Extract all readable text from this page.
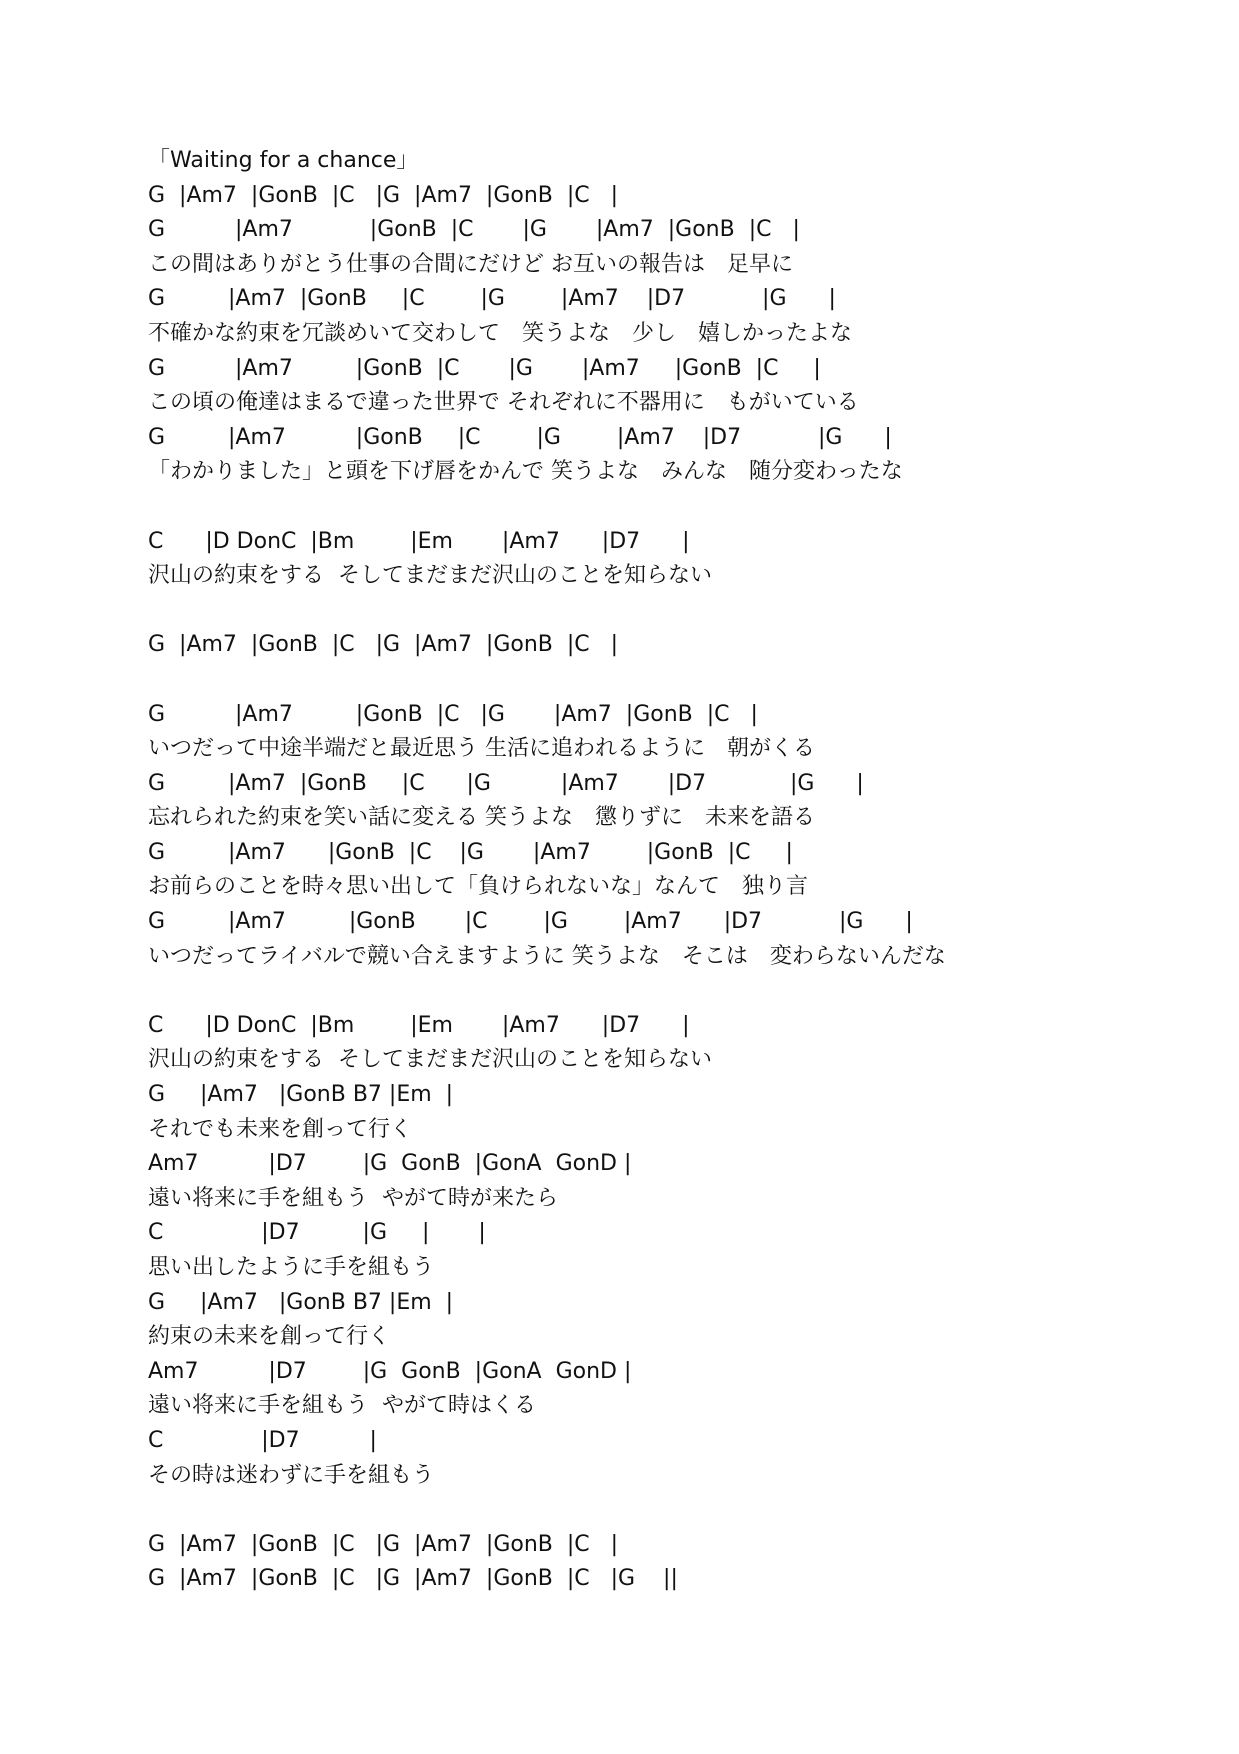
「Waiting for a chance」
G  |Am7  |GonB  |C   |G  |Am7  |GonB  |C   |
G          |Am7           |GonB  |C       |G       |Am7  |GonB  |C   |
この間はありがとう仕事の合間にだけど お互いの報告は　足早に
G         |Am7  |GonB     |C        |G        |Am7    |D7           |G      |
不確かな約束を冗談めいて交わして　笑うよな　少し　嬉しかったよな
G          |Am7         |GonB  |C       |G       |Am7     |GonB  |C     |
この頃の俺達はまるで違った世界で それぞれに不器用に　もがいている
G         |Am7          |GonB     |C        |G        |Am7    |D7           |G      |
「わかりました」と頭を下げ唇をかんで 笑うよな　みんな　随分変わったな
C      |D DonC  |Bm        |Em       |Am7      |D7      |
沢山の約束をする  そしてまだまだ沢山のことを知らない
G  |Am7  |GonB  |C   |G  |Am7  |GonB  |C   |
G          |Am7         |GonB  |C   |G       |Am7  |GonB  |C   |
いつだって中途半端だと最近思う 生活に追われるように　朝がくる
G         |Am7  |GonB     |C      |G          |Am7       |D7            |G      |
忘れられた約束を笑い話に変える 笑うよな　懲りずに　未来を語る
G         |Am7      |GonB  |C    |G       |Am7        |GonB  |C     |
お前らのことを時々思い出して「負けられないな」なんて　独り言
G         |Am7         |GonB       |C        |G        |Am7      |D7           |G      |
いつだってライバルで競い合えますように 笑うよな　そこは　変わらないんだな
C      |D DonC  |Bm        |Em       |Am7      |D7      |
沢山の約束をする  そしてまだまだ沢山のことを知らない
G     |Am7   |GonB B7 |Em  |
それでも未来を創って行く
Am7          |D7        |G  GonB  |GonA  GonD |
遠い将来に手を組もう  やがて時が来たら
C              |D7         |G     |       |
思い出したように手を組もう
G     |Am7   |GonB B7 |Em  |
約束の未来を創って行く
Am7          |D7        |G  GonB  |GonA  GonD |
遠い将来に手を組もう  やがて時はくる
C              |D7          |
その時は迷わずに手を組もう
G  |Am7  |GonB  |C   |G  |Am7  |GonB  |C   |
G  |Am7  |GonB  |C   |G  |Am7  |GonB  |C   |G    ||
